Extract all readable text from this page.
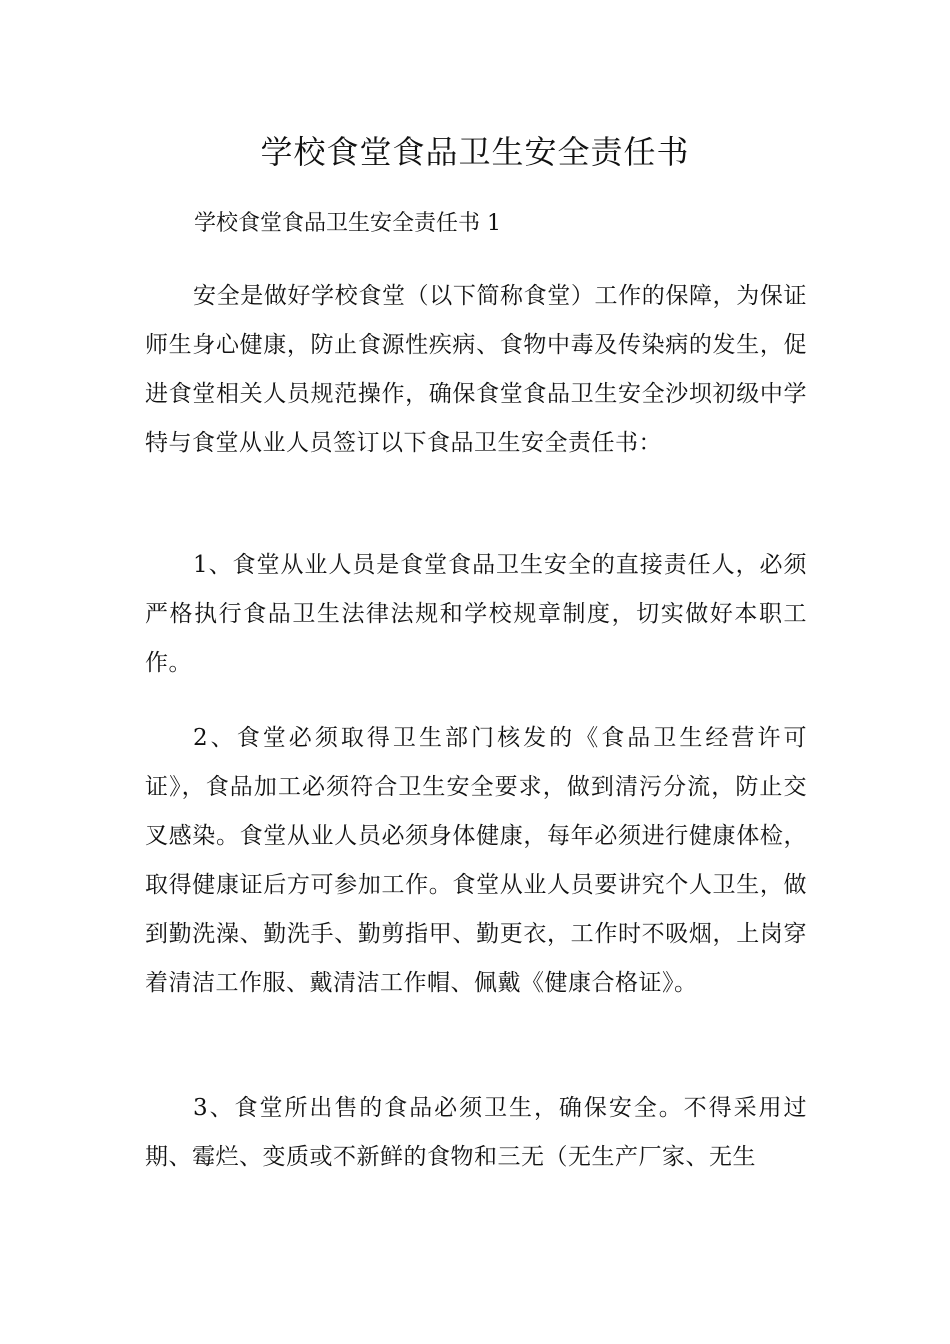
学校食堂食品卫生安全责任书
学校食堂食品卫生安全责任书 1

安全是做好学校食堂（以下简称食堂）工作的保障，为保证师生身心健康，防止食源性疾病、食物中毒及传染病的发生，促进食堂相关人员规范操作，确保食堂食品卫生安全沙坝初级中学特与食堂从业人员签订以下食品卫生安全责任书：

1、食堂从业人员是食堂食品卫生安全的直接责任人，必须严格执行食品卫生法律法规和学校规章制度，切实做好本职工作。

2、食堂必须取得卫生部门核发的《食品卫生经营许可证》，食品加工必须符合卫生安全要求，做到清污分流，防止交叉感染。食堂从业人员必须身体健康，每年必须进行健康体检，取得健康证后方可参加工作。食堂从业人员要讲究个人卫生，做到勤洗澡、勤洗手、勤剪指甲、勤更衣，工作时不吸烟，上岗穿着清洁工作服、戴清洁工作帽、佩戴《健康合格证》。

3、食堂所出售的食品必须卫生，确保安全。不得采用过期、霉烂、变质或不新鲜的食物和三无（无生产厂家、无生
